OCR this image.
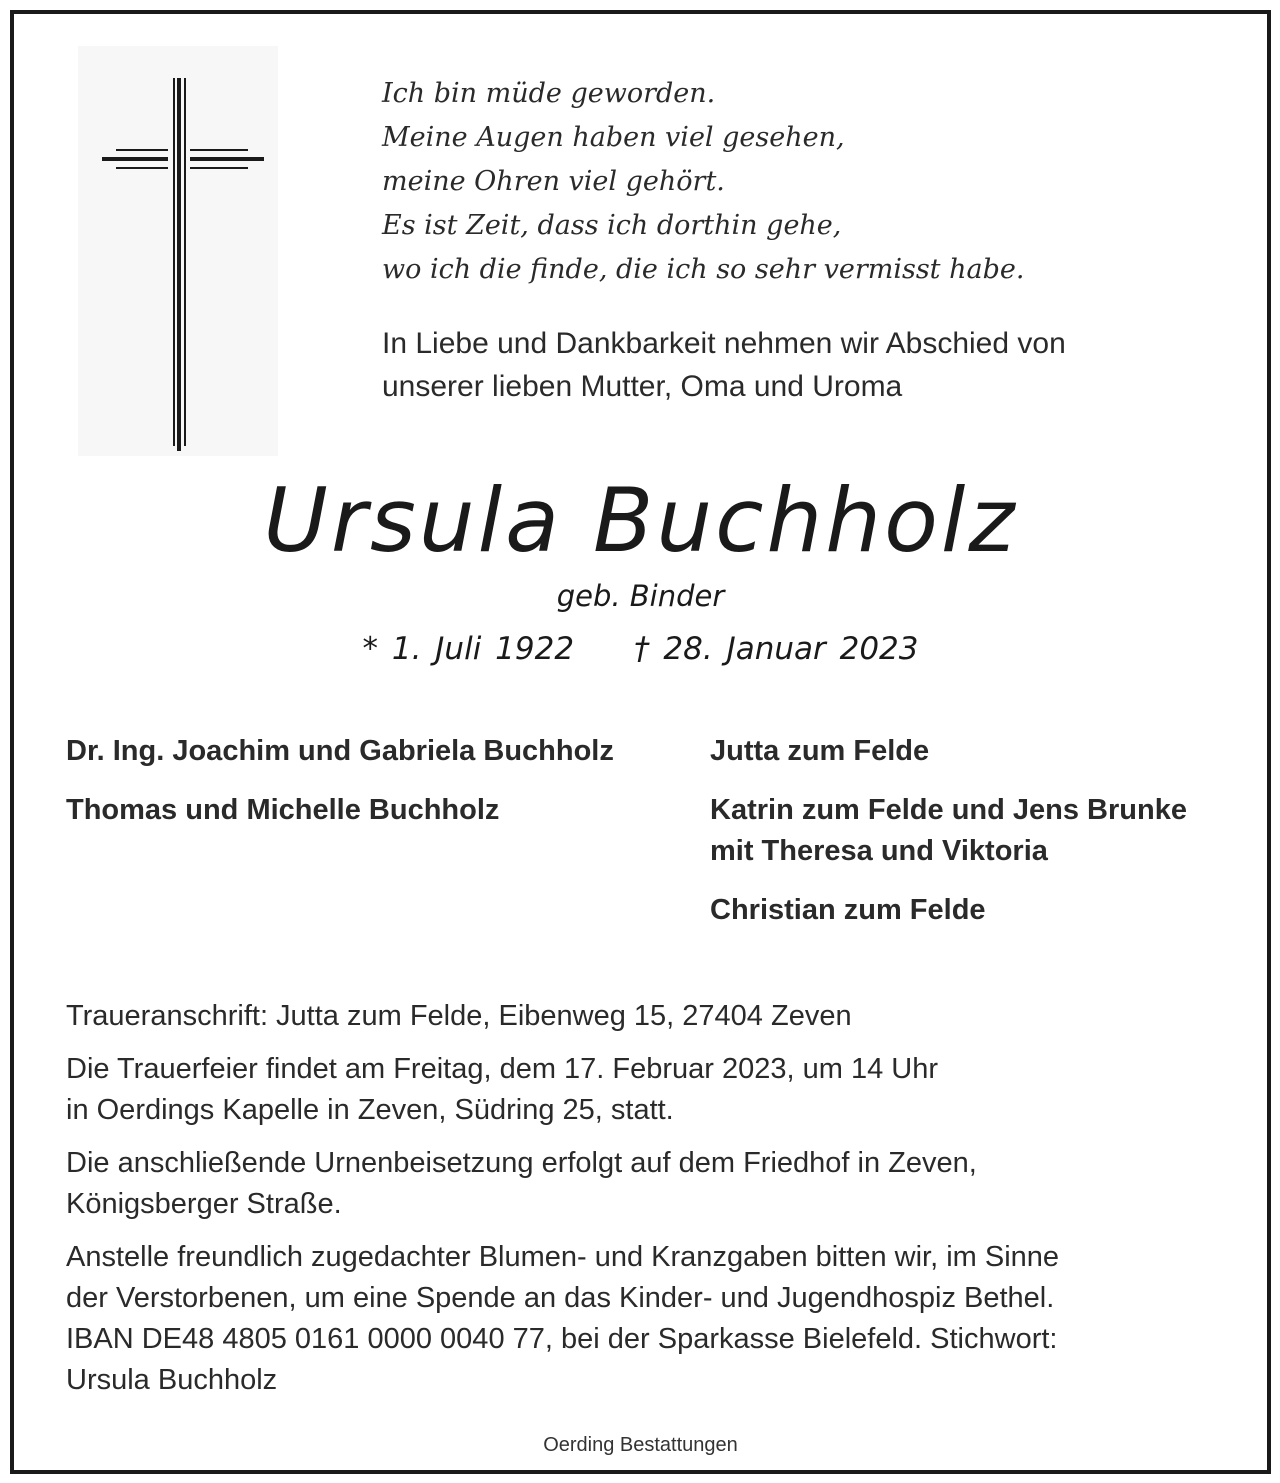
Ich bin müde geworden.
Meine Augen haben viel gesehen,
meine Ohren viel gehört.
Es ist Zeit, dass ich dorthin gehe,
wo ich die finde, die ich so sehr vermisst habe.
In Liebe und Dankbarkeit nehmen wir Abschied von
unserer lieben Mutter, Oma und Uroma
Ursula Buchholz
geb. Binder
* 1. Juli 1922 † 28. Januar 2023
Dr. Ing. Joachim und Gabriela Buchholz
Thomas und Michelle Buchholz
Jutta zum Felde
Katrin zum Felde und Jens Brunke
mit Theresa und Viktoria
Christian zum Felde

Traueranschrift: Jutta zum Felde, Eibenweg 15, 27404 Zeven

Die Trauerfeier findet am Freitag, dem 17. Februar 2023, um 14 Uhr
in Oerdings Kapelle in Zeven, Südring 25, statt.

Die anschließende Urnenbeisetzung erfolgt auf dem Friedhof in Zeven,
Königsberger Straße.

Anstelle freundlich zugedachter Blumen- und Kranzgaben bitten wir, im Sinne
der Verstorbenen, um eine Spende an das Kinder- und Jugendhospiz Bethel.
IBAN DE48 4805 0161 0000 0040 77, bei der Sparkasse Bielefeld. Stichwort:
Ursula Buchholz

Oerding Bestattungen
